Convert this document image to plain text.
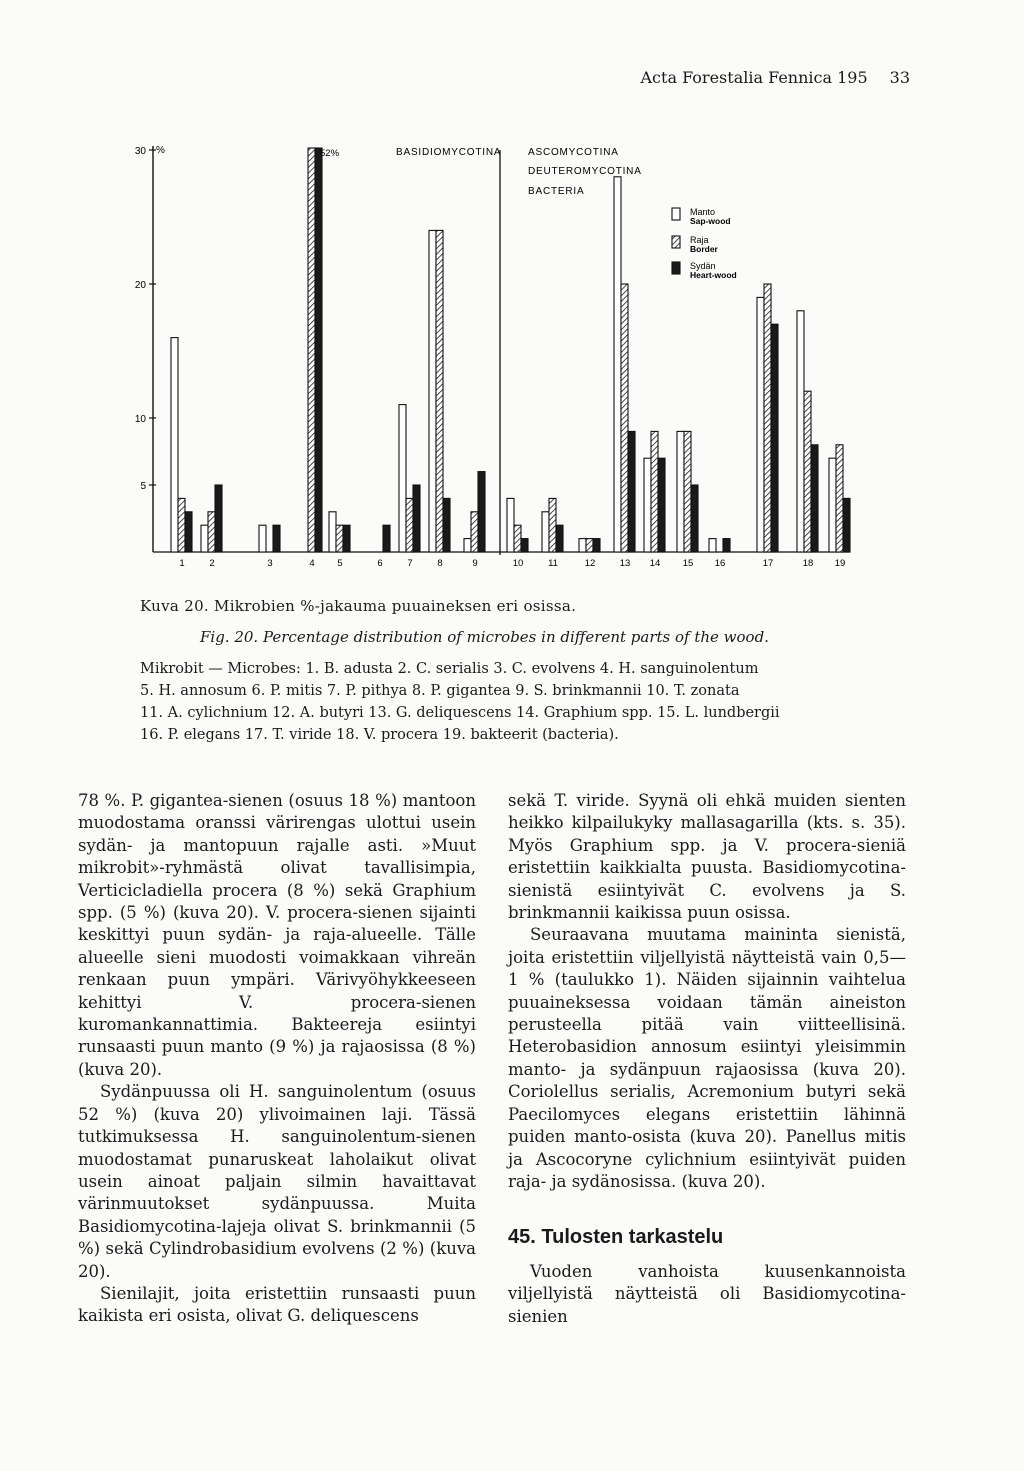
Acta Forestalia Fennica 195 33
30
20
10
5
%	BASIDIOMYCOTINA	ASCOMYCOTINA
DEUTEROMYCOTINA
BACTERIA
1	2	3	4 5	6	7	8	9	10	11	12	13 14 15 16	17	18 19
52%
Manto
Sap-wood
Raja
Border
Sydän
Heart-wood
Kuva 20. Mikrobien %-jakauma puuaineksen eri osissa.
Fig. 20. Percentage distribution of microbes in different parts of the wood.
Mikrobit — Microbes: 1. B. adusta 2. C. serialis 3. C. evolvens 4. H. sanguinolentum
5. H. annosum 6. P. mitis 7. P. pithya 8. P. gigantea 9. S. brinkmannii 10. T. zonata
11. A. cylichnium 12. A. butyri 13. G. deliquescens 14. Graphium spp. 15. L. lundbergii
16. P. elegans 17. T. viride 18. V. procera 19. bakteerit (bacteria).

78 %. P. gigantea-sienen (osuus 18 %) mantoon muodostama oranssi värirengas ulottui usein sydän- ja mantopuun rajalle asti. »Muut mikrobit»-ryhmästä olivat tavallisimpia, Verticicladiella procera (8 %) sekä Graphium spp. (5 %) (kuva 20). V. procera-sienen sijainti keskittyi puun sydän- ja raja-alueelle. Tälle alueelle sieni muodosti voimakkaan vihreän renkaan puun ympäri. Värivyöhykkeeseen kehittyi V. procera-sienen kuromankannattimia. Bakteereja esiintyi runsaasti puun manto (9 %) ja rajaosissa (8 %) (kuva 20).

Sydänpuussa oli H. sanguinolentum (osuus 52 %) (kuva 20) ylivoimainen laji. Tässä tutkimuksessa H. sanguinolentum-sienen muodostamat punaruskeat laholaikut olivat usein ainoat paljain silmin havaittavat värinmuutokset sydänpuussa. Muita Basidiomycotina-lajeja olivat S. brinkmannii (5 %) sekä Cylindrobasidium evolvens (2 %) (kuva 20).

Sienilajit, joita eristettiin runsaasti puun kaikista eri osista, olivat G. deliquescens

sekä T. viride. Syynä oli ehkä muiden sienten heikko kilpailukyky mallasagarilla (kts. s. 35). Myös Graphium spp. ja V. procera-sieniä eristettiin kaikkialta puusta. Basidiomycotina-sienistä esiintyivät C. evolvens ja S. brinkmannii kaikissa puun osissa.

Seuraavana muutama maininta sienistä, joita eristettiin viljellyistä näytteistä vain 0,5—1 % (taulukko 1). Näiden sijainnin vaihtelua puuaineksessa voidaan tämän aineiston perusteella pitää vain viitteellisinä. Heterobasidion annosum esiintyi yleisimmin manto- ja sydänpuun rajaosissa (kuva 20). Coriolellus serialis, Acremonium butyri sekä Paecilomyces elegans eristettiin lähinnä puiden manto-osista (kuva 20). Panellus mitis ja Ascocoryne cylichnium esiintyivät puiden raja- ja sydänosissa. (kuva 20).

45. Tulosten tarkastelu

Vuoden vanhoista kuusenkannoista viljellyistä näytteistä oli Basidiomycotina-sienien
